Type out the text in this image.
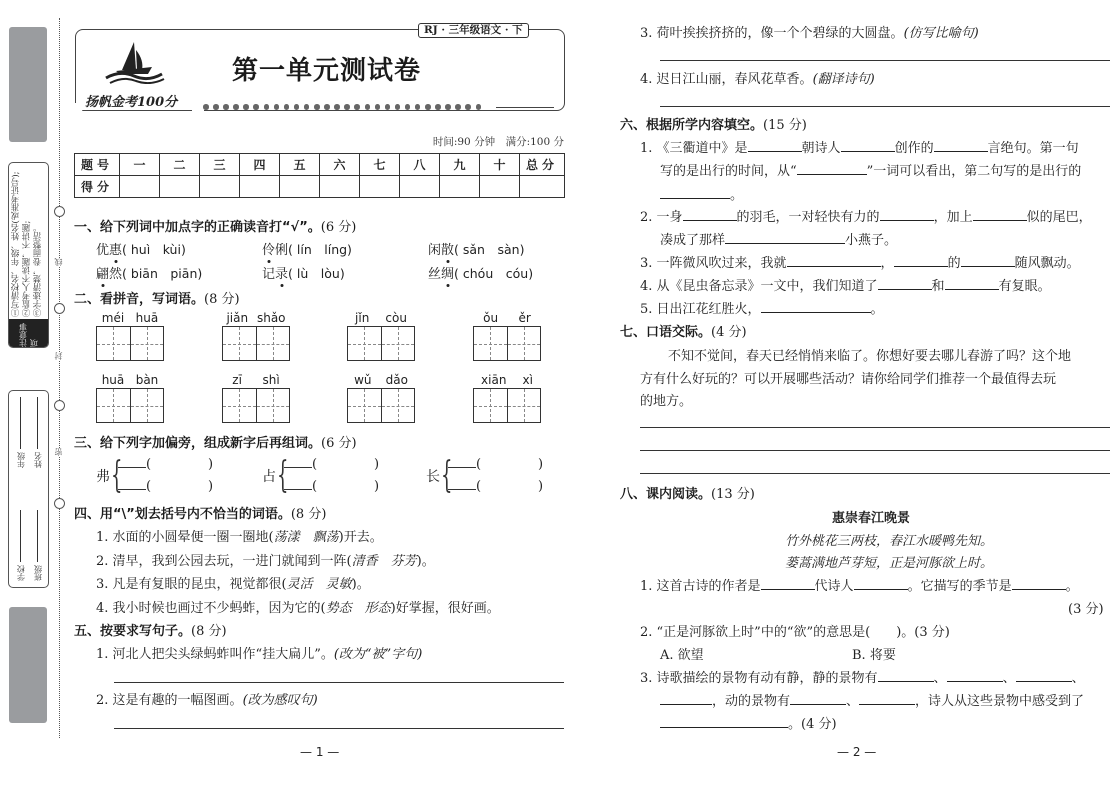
①写清校名、年级、姓名(或准考证号); ②监考人不读题，不讲题; ③字迹清楚，卷面整洁。
注意事项
学校
年级
班级
姓名
线
封
密
扬帆金考100分
第一单元测试卷
RJ · 三年级语文 · 下
时间:90 分钟　满分:100 分
题号	一	二	三	四	五	六	七	八	九	十	总分
得分											
一、给下列词中加点字的正确读音打“√”。(6 分)
优惠( huì　kùi)	伶俐( lín　líng)	闲散( sǎn　sàn)
翩然( biān　piān)	记录( lù　lòu)	丝绸( chóu　cóu)
二、看拼音，写词语。(8 分)
méi huā	jiǎn shǎo	jǐn còu	ǒu ěr
huā bàn	zī shì	wǔ dǎo	xiān xì
三、给下列字加偏旁，组成新字后再组词。(6 分)
弗 {	(	)
(	)
占 {	(	)
(	)
长 {	(	)
(	)
四、用“\”划去括号内不恰当的词语。(8 分)
1. 水面的小圆晕便一圈一圈地(荡漾　飘荡)开去。
2. 清早，我到公园去玩，一进门就闻到一阵(清香　芬芳)。
3. 凡是有复眼的昆虫，视觉都很(灵活　灵敏)。
4. 我小时候也画过不少蚂蚱，因为它的(势态　形态)好掌握，很好画。
五、按要求写句子。(8 分)
1. 河北人把尖头绿蚂蚱叫作“挂大扁儿”。(改为“被”字句)
2. 这是有趣的一幅图画。(改为感叹句)
— 1 —
3. 荷叶挨挨挤挤的，像一个个碧绿的大圆盘。(仿写比喻句)
4. 迟日江山丽，春风花草香。(翻译诗句)
六、根据所学内容填空。(15 分)
1. 《三衢道中》是	朝诗人	创作的	言绝句。第一句
写的是出行的时间，从“	”一词可以看出，第二句写的是出行的
。
2. 一身	的羽毛，一对轻快有力的	，加上	似的尾巴，
凑成了那样	小燕子。
3. 一阵微风吹过来，我就	，	的	随风飘动。
4. 从《昆虫备忘录》一文中，我们知道了	和	有复眼。
5. 日出江花红胜火，	。
七、口语交际。(4 分)
不知不觉间，春天已经悄悄来临了。你想好要去哪儿春游了吗？这个地
方有什么好玩的？可以开展哪些活动？请你给同学们推荐一个最值得去玩
的地方。
八、课内阅读。(13 分)
惠崇春江晚景
竹外桃花三两枝，春江水暖鸭先知。
蒌蒿满地芦芽短，正是河豚欲上时。
1. 这首古诗的作者是	代诗人	。它描写的季节是	。
(3 分)
2. “正是河豚欲上时”中的“欲”的意思是(　　)。(3 分)
A. 欲望	B. 将要
3. 诗歌描绘的景物有动有静，静的景物有	、	、	、
，动的景物有	、	，诗人从这些景物中感受到了
。(4 分)
— 2 —
